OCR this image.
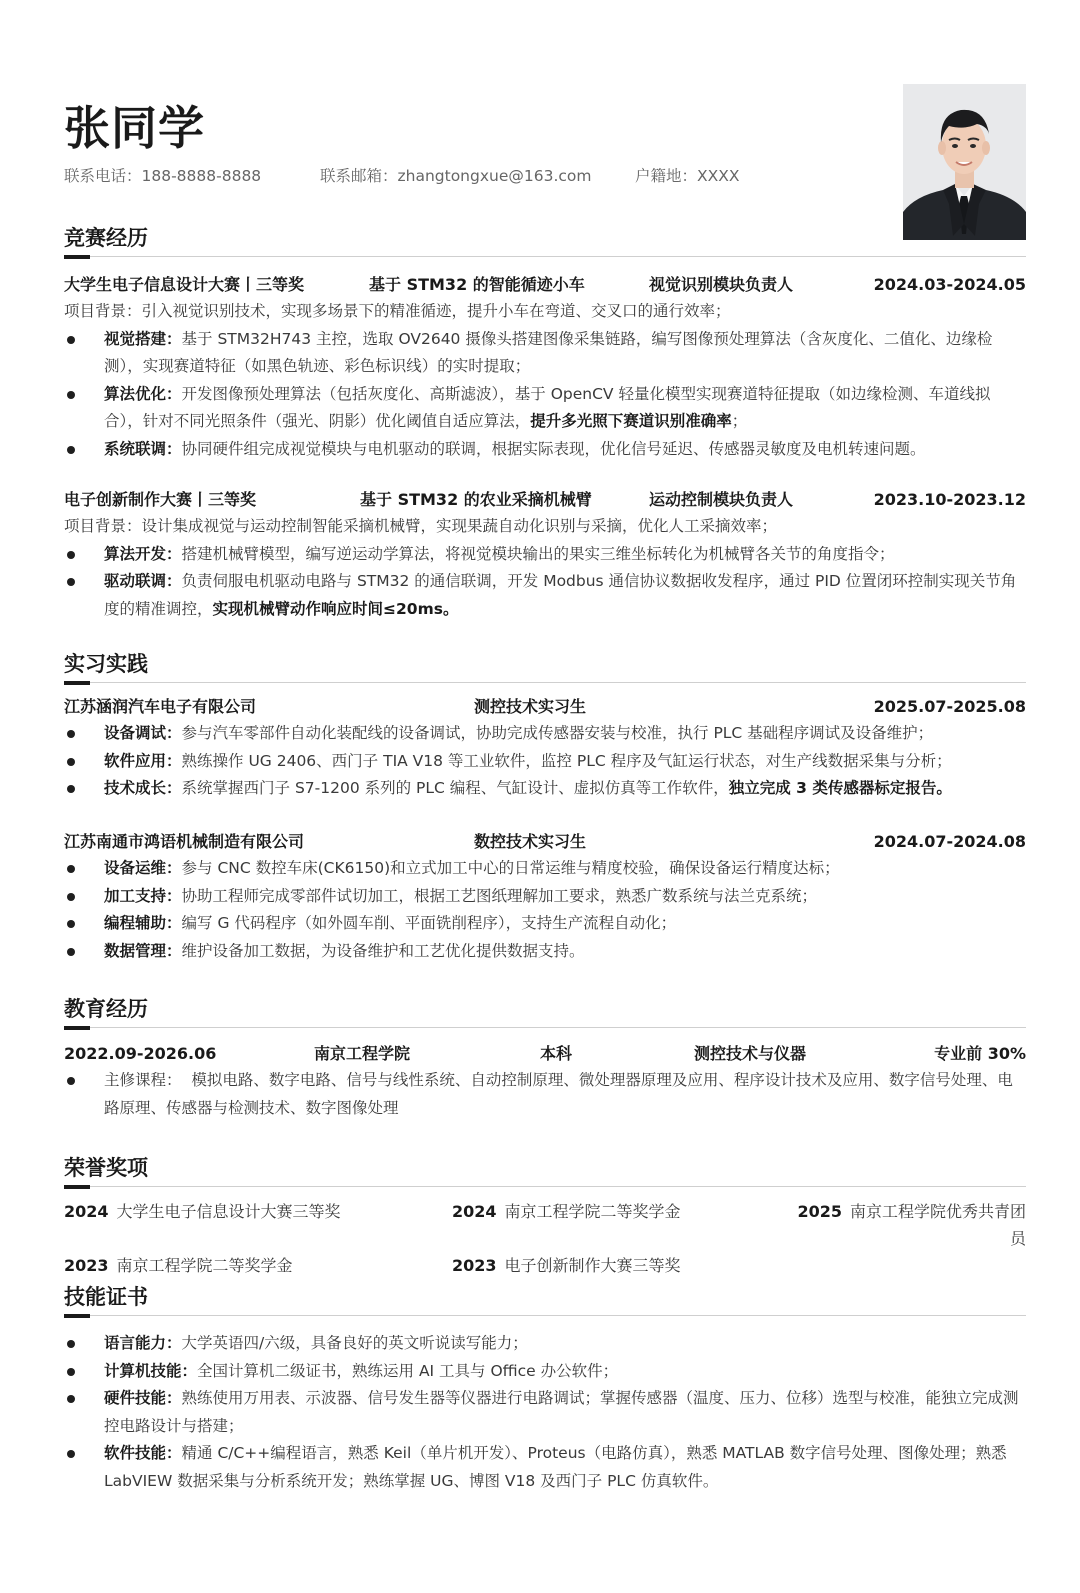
张同学
联系电话：188-8888-8888	联系邮箱：zhangtongxue@163.com	户籍地：XXXX
竞赛经历
大学生电子信息设计大赛丨三等奖	基于 STM32 的智能循迹小车	视觉识别模块负责人	2024.03-2024.05
项目背景：引入视觉识别技术，实现多场景下的精准循迹，提升小车在弯道、交叉口的通行效率；
视觉搭建：基于 STM32H743 主控，选取 OV2640 摄像头搭建图像采集链路，编写图像预处理算法（含灰度化、二值化、边缘检测），实现赛道特征（如黑色轨迹、彩色标识线）的实时提取；
算法优化：开发图像预处理算法（包括灰度化、高斯滤波），基于 OpenCV 轻量化模型实现赛道特征提取（如边缘检测、车道线拟合），针对不同光照条件（强光、阴影）优化阈值自适应算法，提升多光照下赛道识别准确率；
系统联调：协同硬件组完成视觉模块与电机驱动的联调，根据实际表现，优化信号延迟、传感器灵敏度及电机转速问题。
电子创新制作大赛丨三等奖	基于 STM32 的农业采摘机械臂	运动控制模块负责人	2023.10-2023.12
项目背景：设计集成视觉与运动控制智能采摘机械臂，实现果蔬自动化识别与采摘，优化人工采摘效率；
算法开发：搭建机械臂模型，编写逆运动学算法，将视觉模块输出的果实三维坐标转化为机械臂各关节的角度指令；
驱动联调：负责伺服电机驱动电路与 STM32 的通信联调，开发 Modbus 通信协议数据收发程序，通过 PID 位置闭环控制实现关节角度的精准调控，实现机械臂动作响应时间≤20ms。
实习实践
江苏涵润汽车电子有限公司	测控技术实习生	2025.07-2025.08
设备调试：参与汽车零部件自动化装配线的设备调试，协助完成传感器安装与校准，执行 PLC 基础程序调试及设备维护；
软件应用：熟练操作 UG 2406、西门子 TIA V18 等工业软件，监控 PLC 程序及气缸运行状态，对生产线数据采集与分析；
技术成长：系统掌握西门子 S7-1200 系列的 PLC 编程、气缸设计、虚拟仿真等工作软件，独立完成 3 类传感器标定报告。
江苏南通市鸿语机械制造有限公司	数控技术实习生	2024.07-2024.08
设备运维：参与 CNC 数控车床(CK6150)和立式加工中心的日常运维与精度校验，确保设备运行精度达标；
加工支持：协助工程师完成零部件试切加工，根据工艺图纸理解加工要求，熟悉广数系统与法兰克系统；
编程辅助：编写 G 代码程序（如外圆车削、平面铣削程序），支持生产流程自动化；
数据管理：维护设备加工数据，为设备维护和工艺优化提供数据支持。
教育经历
2022.09-2026.06	南京工程学院	本科	测控技术与仪器	专业前 30%
主修课程： 模拟电路、数字电路、信号与线性系统、自动控制原理、微处理器原理及应用、程序设计技术及应用、数字信号处理、电路原理、传感器与检测技术、数字图像处理
荣誉奖项
2024 大学生电子信息设计大赛三等奖	2024 南京工程学院二等奖学金	2025 南京工程学院优秀共青团员
2023 南京工程学院二等奖学金	2023 电子创新制作大赛三等奖
技能证书
语言能力：大学英语四/六级，具备良好的英文听说读写能力；
计算机技能：全国计算机二级证书，熟练运用 AI 工具与 Office 办公软件；
硬件技能：熟练使用万用表、示波器、信号发生器等仪器进行电路调试；掌握传感器（温度、压力、位移）选型与校准，能独立完成测控电路设计与搭建；
软件技能：精通 C/C++编程语言，熟悉 Keil（单片机开发）、Proteus（电路仿真），熟悉 MATLAB 数字信号处理、图像处理；熟悉 LabVIEW 数据采集与分析系统开发；熟练掌握 UG、博图 V18 及西门子 PLC 仿真软件。
